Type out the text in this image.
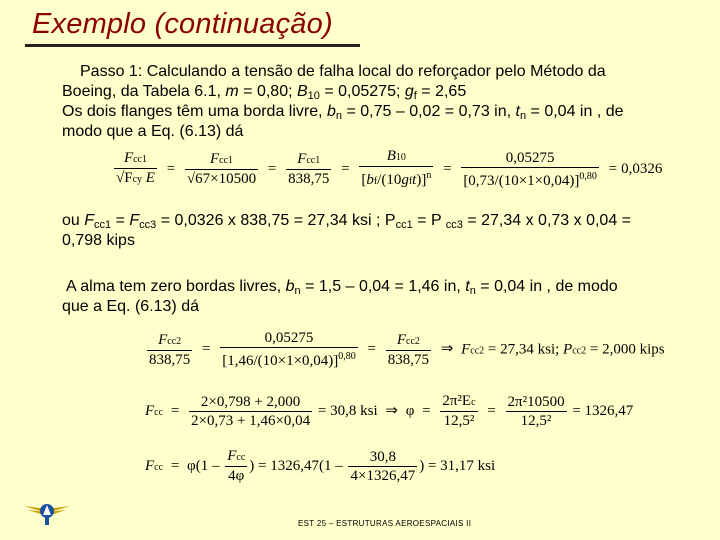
Exemplo (continuação)
Passo 1: Calculando a tensão de falha local do reforçador pelo Método da
Boeing, da Tabela 6.1, m = 0,80; B10 = 0,05275; gf = 2,65
Os dois flanges têm uma borda livre, bn = 0,75 – 0,02 = 0,73 in, tn = 0,04 in , de
modo que a Eq. (6.13) dá
$\frac{\text{Fcc1}}{\text{√Fcy E}} = \frac{\text{Fcc1}}{√67\times 10500} = \frac{\text{Fcc1}}{838,75} = \frac{B10}{[bf/(10gft)]^n} = \frac{0,05275}{[0,73/(10\times 1\times 0,04)]^{0,80}} = 0,0326$
ou Fcc1 = Fcc3 = 0,0326 x 838,75 = 27,34 ksi ; Pcc1 = P cc3 = 27,34 x 0,73 x 0,04 =
0,798 kips
A alma tem zero bordas livres, bn = 1,5 – 0,04 = 1,46 in, tn = 0,04 in , de modo
que a Eq. (6.13) dá
$\frac{\text{Fcc2}}{838,75} = \frac{0,05275}{[1,46/(10\times 1\times 0,04)]^{0,80}} = \frac{\text{Fcc2}}{838,75}$ ⇒ Fcc2 = 27,34 ksi; Pcc2 = 2,000 kips
Fcc = $\frac{2\times 0,798 + 2,000}{2\times 0,73 + 1,46\times 0,04} = 30,8$ ksi ⇒ $\varphi = \frac{\text{2π²Ec}}{\text{12,5²}} = \frac{\text{2π²10500}}{\text{12,5²}} = 1326,47$
Fcc = $\varphi(1 - \frac{\text{Fcc}}{4\varphi}$ ) = $1326,47(1 - \frac{30,8}{4\times 1326,47}$ ) = 31,17 ksi
EST 25 – ESTRUTURAS AEROESPACIAIS II
